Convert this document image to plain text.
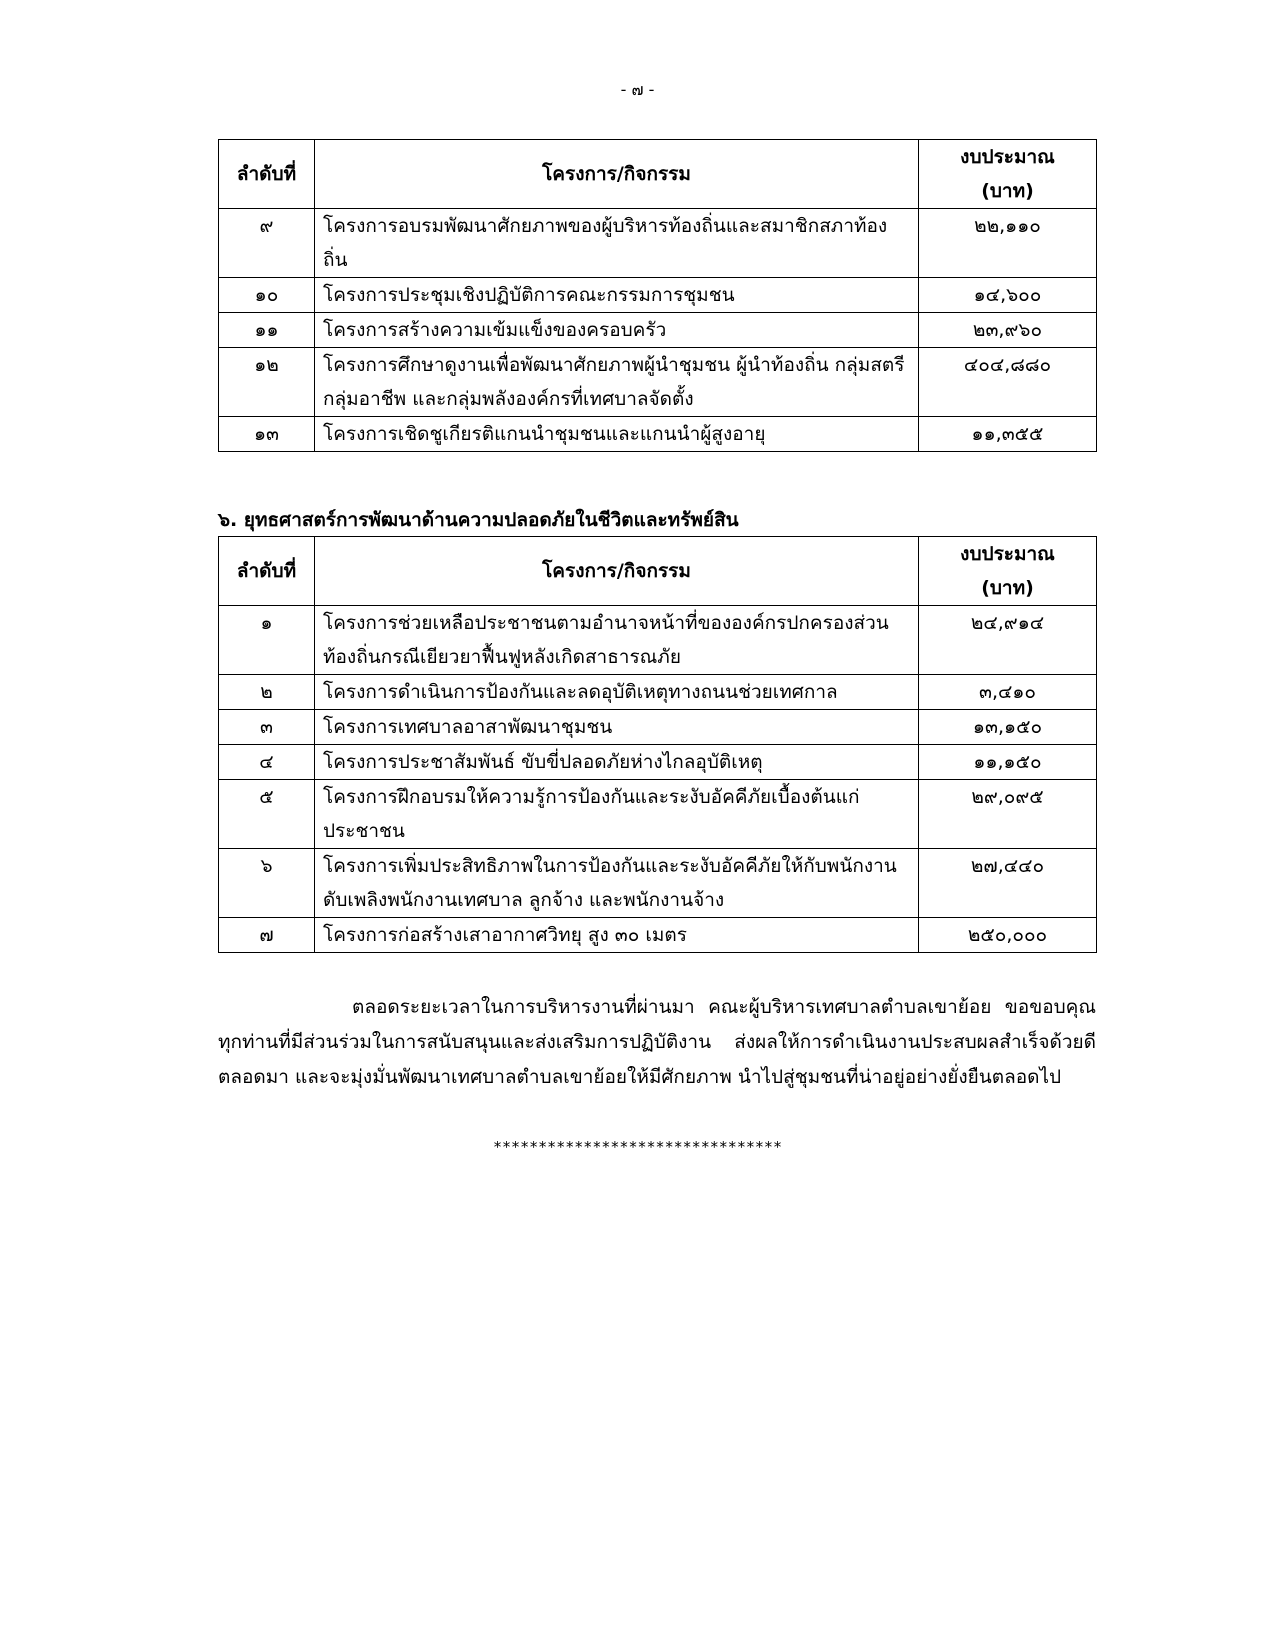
- ๗ -
ลำดับที่	โครงการ/กิจกรรม	งบประมาณ
(บาท)

๙	โครงการอบรมพัฒนาศักยภาพของผู้บริหารท้องถิ่นและสมาชิกสภาท้องถิ่น	๒๒,๑๑๐
๑๐	โครงการประชุมเชิงปฏิบัติการคณะกรรมการชุมชน	๑๔,๖๐๐
๑๑	โครงการสร้างความเข้มแข็งของครอบครัว	๒๓,๙๖๐
๑๒	โครงการศึกษาดูงานเพื่อพัฒนาศักยภาพผู้นำชุมชน ผู้นำท้องถิ่น กลุ่มสตรี กลุ่มอาชีพ และกลุ่มพลังองค์กรที่เทศบาลจัดตั้ง	๔๐๔,๘๘๐
๑๓	โครงการเชิดชูเกียรติแกนนำชุมชนและแกนนำผู้สูงอายุ	๑๑,๓๕๕
๖. ยุทธศาสตร์การพัฒนาด้านความปลอดภัยในชีวิตและทรัพย์สิน
ลำดับที่	โครงการ/กิจกรรม	งบประมาณ
(บาท)

๑	โครงการช่วยเหลือประชาชนตามอำนาจหน้าที่ขององค์กรปกครองส่วนท้องถิ่นกรณีเยียวยาฟื้นฟูหลังเกิดสาธารณภัย	๒๔,๙๑๔
๒	โครงการดำเนินการป้องกันและลดอุบัติเหตุทางถนนช่วยเทศกาล	๓,๔๑๐
๓	โครงการเทศบาลอาสาพัฒนาชุมชน	๑๓,๑๕๐
๔	โครงการประชาสัมพันธ์ ขับขี่ปลอดภัยห่างไกลอุบัติเหตุ	๑๑,๑๕๐
๕	โครงการฝึกอบรมให้ความรู้การป้องกันและระงับอัคคีภัยเบื้องต้นแก่ประชาชน	๒๙,๐๙๕
๖	โครงการเพิ่มประสิทธิภาพในการป้องกันและระงับอัคคีภัยให้กับพนักงานดับเพลิงพนักงานเทศบาล ลูกจ้าง และพนักงานจ้าง	๒๗,๔๔๐
๗	โครงการก่อสร้างเสาอากาศวิทยุ สูง ๓๐ เมตร	๒๕๐,๐๐๐
ตลอดระยะเวลาในการบริหารงานที่ผ่านมา คณะผู้บริหารเทศบาลตำบลเขาย้อย ขอขอบคุณทุกท่านที่มีส่วนร่วมในการสนับสนุนและส่งเสริมการปฏิบัติงาน ส่งผลให้การดำเนินงานประสบผลสำเร็จด้วยดีตลอดมา และจะมุ่งมั่นพัฒนาเทศบาลตำบลเขาย้อยให้มีศักยภาพ นำไปสู่ชุมชนที่น่าอยู่อย่างยั่งยืนตลอดไป
********************************
